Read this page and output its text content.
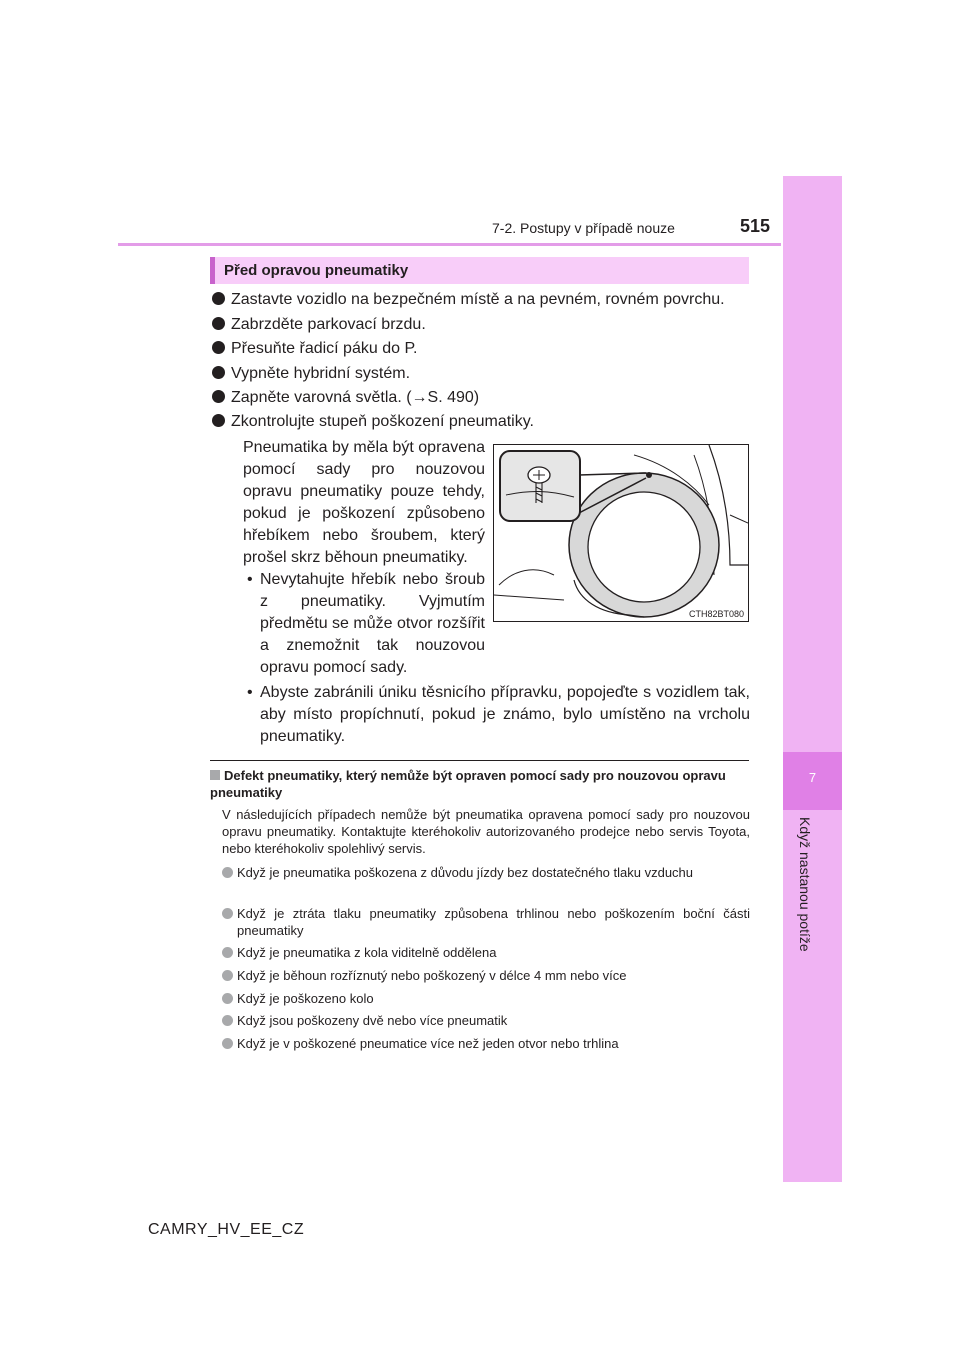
7-2. Postupy v případě nouze	515
7
Když nastanou potíže
Před opravou pneumatiky
Zastavte vozidlo na bezpečném místě a na pevném, rovném povrchu.
Zabrzděte parkovací brzdu.
Přesuňte řadicí páku do P.
Vypněte hybridní systém.
Zapněte varovná světla. (→S. 490)
Zkontrolujte stupeň poškození pneumatiky.
Pneumatika by měla být opravena pomocí sady pro nouzovou opravu pneumatiky pouze tehdy, pokud je poškození způsobeno hřebíkem nebo šroubem, který prošel skrz běhoun pneumatiky.
• Nevytahujte hřebík nebo šroub z pneumatiky. Vyjmutím předmětu se může otvor rozšířit a znemožnit tak nouzovou opravu pomocí sady.
• Abyste zabránili úniku těsnicího přípravku, popojeďte s vozidlem tak, aby místo propíchnutí, pokud je známo, bylo umístěno na vrcholu pneumatiky.
CTH82BT080
Defekt pneumatiky, který nemůže být opraven pomocí sady pro nouzovou opravu pneumatiky
V následujících případech nemůže být pneumatika opravena pomocí sady pro nouzovou opravu pneumatiky. Kontaktujte kteréhokoliv autorizovaného prodejce nebo servis Toyota, nebo kteréhokoliv spolehlivý servis.
Když je pneumatika poškozena z důvodu jízdy bez dostatečného tlaku vzduchu
Když je ztráta tlaku pneumatiky způsobena trhlinou nebo poškozením boční části pneumatiky
Když je pneumatika z kola viditelně oddělena
Když je běhoun rozříznutý nebo poškozený v délce 4 mm nebo více
Když je poškozeno kolo
Když jsou poškozeny dvě nebo více pneumatik
Když je v poškozené pneumatice více než jeden otvor nebo trhlina
CAMRY_HV_EE_CZ
